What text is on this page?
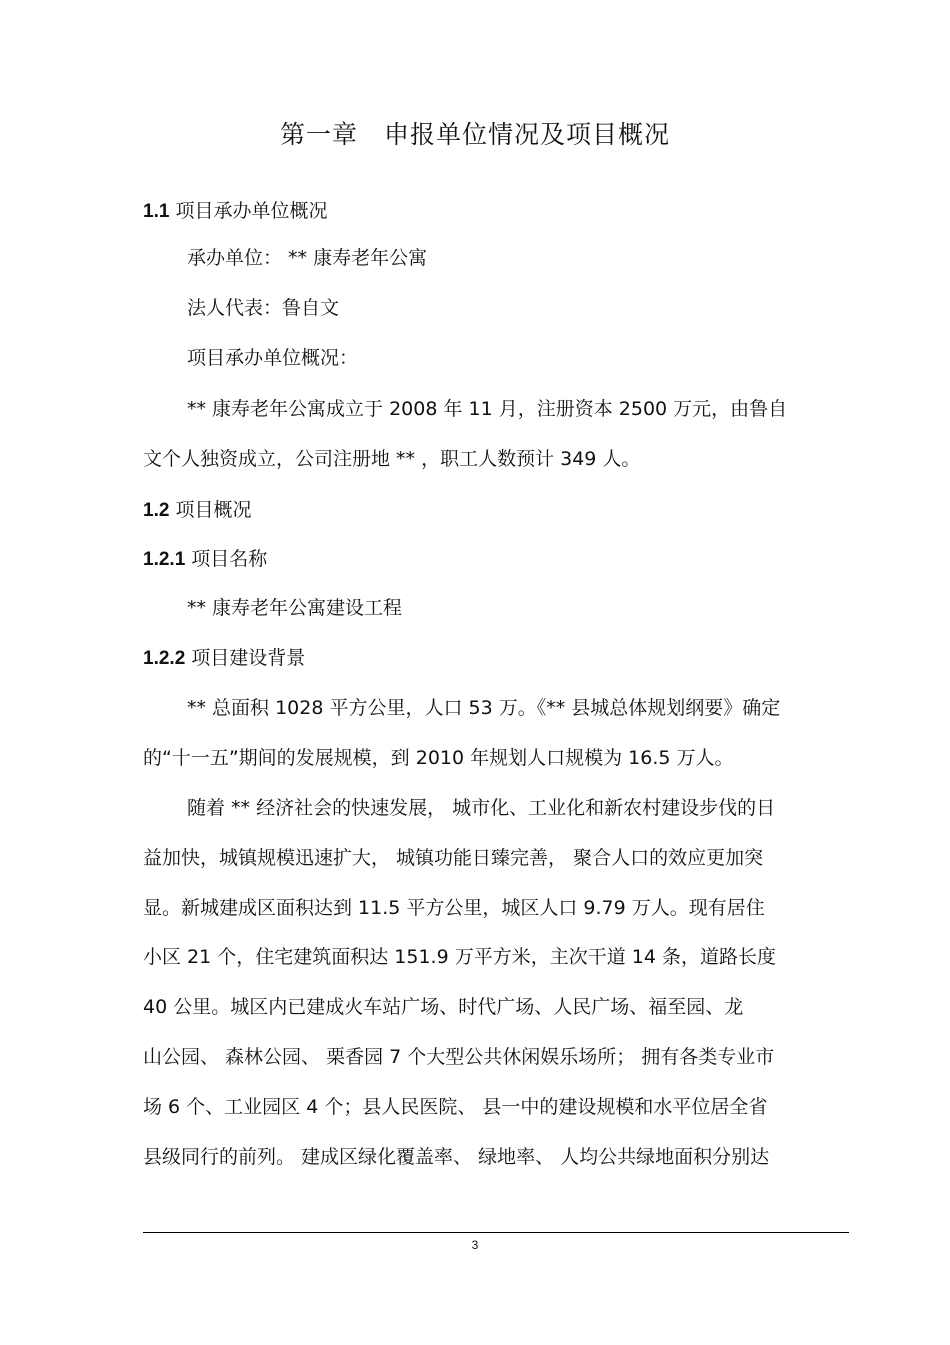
第一章　申报单位情况及项目概况
1.1 项目承办单位概况
承办单位： ** 康寿老年公寓
法人代表：鲁自文
项目承办单位概况：
** 康寿老年公寓成立于 2008 年 11 月，注册资本 2500 万元，由鲁自
文个人独资成立，公司注册地 ** ，职工人数预计 349 人。
1.2 项目概况
1.2.1 项目名称
** 康寿老年公寓建设工程
1.2.2 项目建设背景
** 总面积 1028 平方公里，人口 53 万。《** 县城总体规划纲要》确定
的“十一五”期间的发展规模，到 2010 年规划人口规模为 16.5 万人。
随着 ** 经济社会的快速发展， 城市化、工业化和新农村建设步伐的日
益加快，城镇规模迅速扩大， 城镇功能日臻完善， 聚合人口的效应更加突
显。新城建成区面积达到 11.5 平方公里，城区人口 9.79 万人。现有居住
小区 21 个，住宅建筑面积达 151.9 万平方米，主次干道 14 条，道路长度
40 公里。城区内已建成火车站广场、时代广场、人民广场、福至园、龙
山公园、 森林公园、 栗香园 7 个大型公共休闲娱乐场所； 拥有各类专业市
场 6 个、工业园区 4 个；县人民医院、 县一中的建设规模和水平位居全省
县级同行的前列。 建成区绿化覆盖率、 绿地率、 人均公共绿地面积分别达
3
